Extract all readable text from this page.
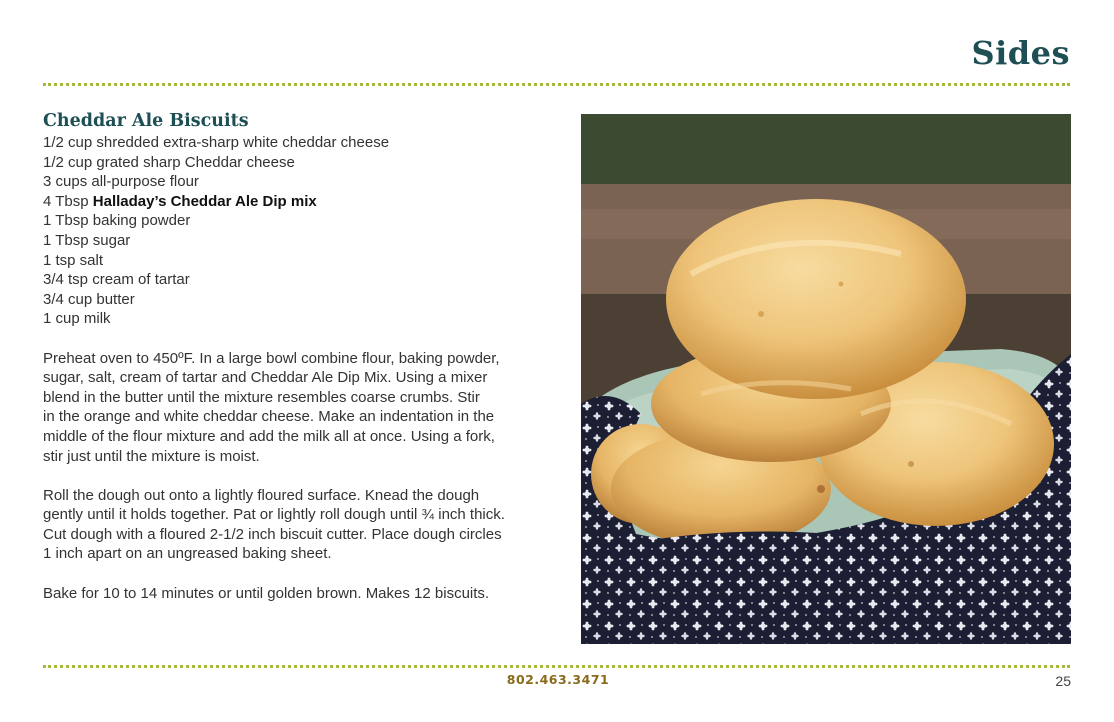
Sides
Cheddar Ale Biscuits
1/2 cup shredded extra-sharp white cheddar cheese
1/2 cup grated sharp Cheddar cheese
3 cups all-purpose flour
4 Tbsp Halladay’s Cheddar Ale Dip mix
1 Tbsp baking powder
1 Tbsp sugar
1 tsp salt
3/4 tsp cream of tartar
3/4 cup butter
1 cup milk

Preheat oven to 450ºF. In a large bowl combine flour, baking powder,
sugar, salt, cream of tartar and Cheddar Ale Dip Mix. Using a mixer
blend in the butter until the mixture resembles coarse crumbs. Stir
in the orange and white cheddar cheese. Make an indentation in the
middle of the flour mixture and add the milk all at once. Using a fork,
stir just until the mixture is moist.

Roll the dough out onto a lightly floured surface. Knead the dough
gently until it holds together. Pat or lightly roll dough until ¾ inch thick.
Cut dough with a floured 2-1/2 inch biscuit cutter. Place dough circles
1 inch apart on an ungreased baking sheet.

Bake for 10 to 14 minutes or until golden brown. Makes 12 biscuits.

802.463.3471	25
